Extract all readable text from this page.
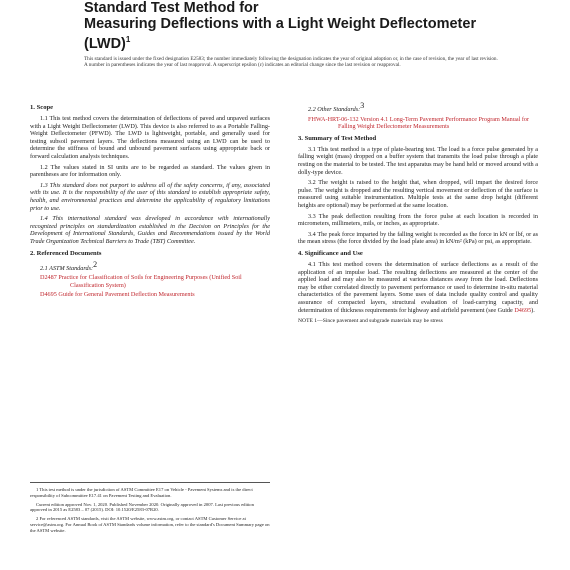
Standard Test Method for
Measuring Deflections with a Light Weight Deflectometer
(LWD)$^1$
This standard is issued under the fixed designation E2583; the number immediately following the designation indicates the year of original adoption or, in the case of revision, the year of last revision. A number in parentheses indicates the year of last reapproval. A superscript epsilon (ε) indicates an editorial change since the last revision or reapproval.
1. Scope

1.1 This test method covers the determination of deflections of paved and unpaved surfaces with a Light Weight Deflectometer (LWD). This device is also referred to as a Portable Falling-Weight Deflectometer (PFWD). The LWD is lightweight, portable, and generally used for testing subsoil pavement layers. The deflections measured using an LWD can be used to determine the stiffness of bound and unbound pavement surfaces using appropriate back or forward calculation analysis techniques.

1.2 The values stated in SI units are to be regarded as standard. The values given in parentheses are for information only.

1.3 This standard does not purport to address all of the safety concerns, if any, associated with its use. It is the responsibility of the user of this standard to establish appropriate safety, health, and environmental practices and determine the applicability of regulatory limitations prior to use.

1.4 This international standard was developed in accordance with internationally recognized principles on standardization established in the Decision on Principles for the Development of International Standards, Guides and Recommendations issued by the World Trade Organization Technical Barriers to Trade (TBT) Committee.

2. Referenced Documents
2.1 ASTM Standards:2
D2487 Practice for Classification of Soils for Engineering Purposes (Unified Soil Classification System)
D4695 Guide for General Pavement Deflection Measurements

1 This test method is under the jurisdiction of ASTM Committee E17 on Vehicle - Pavement Systems and is the direct responsibility of Subcommittee E17.41 on Pavement Testing and Evaluation.

Current edition approved Nov. 1, 2020. Published November 2020. Originally approved in 2007. Last previous edition approved in 2015 as E2583 – 07 (2015). DOI: 10.1520/E2583-07R20.

2 For referenced ASTM standards, visit the ASTM website, www.astm.org, or contact ASTM Customer Service at service@astm.org. For Annual Book of ASTM Standards volume information, refer to the standard's Document Summary page on the ASTM website.

2.2 Other Standards:3
FHWA-HRT-06-132 Version 4.1 Long-Term Pavement Performance Program Manual for Falling Weight Deflectometer Measurements
3. Summary of Test Method

3.1 This test method is a type of plate-bearing test. The load is a force pulse generated by a falling weight (mass) dropped on a buffer system that transmits the load pulse through a plate resting on the material to be tested. The test apparatus may be hand held or moved around with a dolly-type device.

3.2 The weight is raised to the height that, when dropped, will impart the desired force pulse. The weight is dropped and the resulting vertical movement or deflection of the surface is measured using suitable instrumentation. Multiple tests at the same drop height (different heights are optional) may be performed at the same location.

3.3 The peak deflection resulting from the force pulse at each location is recorded in micrometers, millimeters, mils, or inches, as appropriate.

3.4 The peak force imparted by the falling weight is recorded as the force in kN or lbf, or as the mean stress (the force divided by the load plate area) in kN/m² (kPa) or psi, as appropriate.

4. Significance and Use

4.1 This test method covers the determination of surface deflections as a result of the application of an impulse load. The resulting deflections are measured at the center of the applied load and may also be measured at various distances away from the load. Deflections may be either correlated directly to pavement performance or used to determine in-situ material characteristics of the pavement layers. Some uses of data include quality control and quality assurance of compacted layers, structural evaluation of load-carrying capacity, and determination of thickness requirements for highway and airfield pavement (see Guide D4695).

NOTE 1—Since pavement and subgrade materials may be stress
